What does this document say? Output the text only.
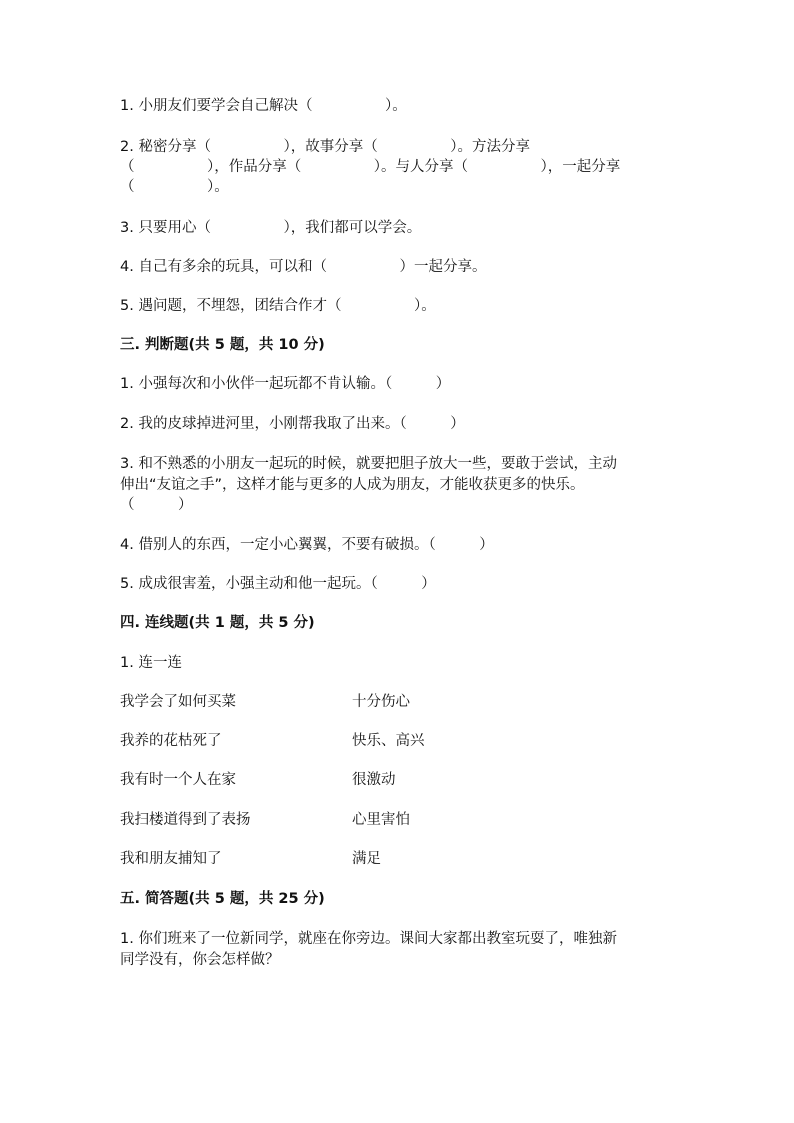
1. 小朋友们要学会自己解决（　　　　　）。
2. 秘密分享（　　　　　），故事分享（　　　　　）。方法分享
（　　　　　），作品分享（　　　　　）。与人分享（　　　　　），一起分享
（　　　　　）。
3. 只要用心（　　　　　），我们都可以学会。
4. 自己有多余的玩具，可以和（　　　　　）一起分享。
5. 遇问题，不埋怨，团结合作才（　　　　　）。
三. 判断题(共 5 题，共 10 分)
1. 小强每次和小伙伴一起玩都不肯认输。（　　　）
2. 我的皮球掉进河里，小刚帮我取了出来。（　　　）
3. 和不熟悉的小朋友一起玩的时候，就要把胆子放大一些，要敢于尝试，主动
伸出“友谊之手”，这样才能与更多的人成为朋友，才能收获更多的快乐。
（　　　）
4. 借别人的东西，一定小心翼翼，不要有破损。（　　　）
5. 成成很害羞，小强主动和他一起玩。（　　　）
四. 连线题(共 1 题，共 5 分)
1. 连一连
我学会了如何买菜	十分伤心
我养的花枯死了	快乐、高兴
我有时一个人在家	很激动
我扫楼道得到了表扬	心里害怕
我和朋友捕知了	满足
五. 简答题(共 5 题，共 25 分)
1. 你们班来了一位新同学，就座在你旁边。课间大家都出教室玩耍了，唯独新
同学没有，你会怎样做？
